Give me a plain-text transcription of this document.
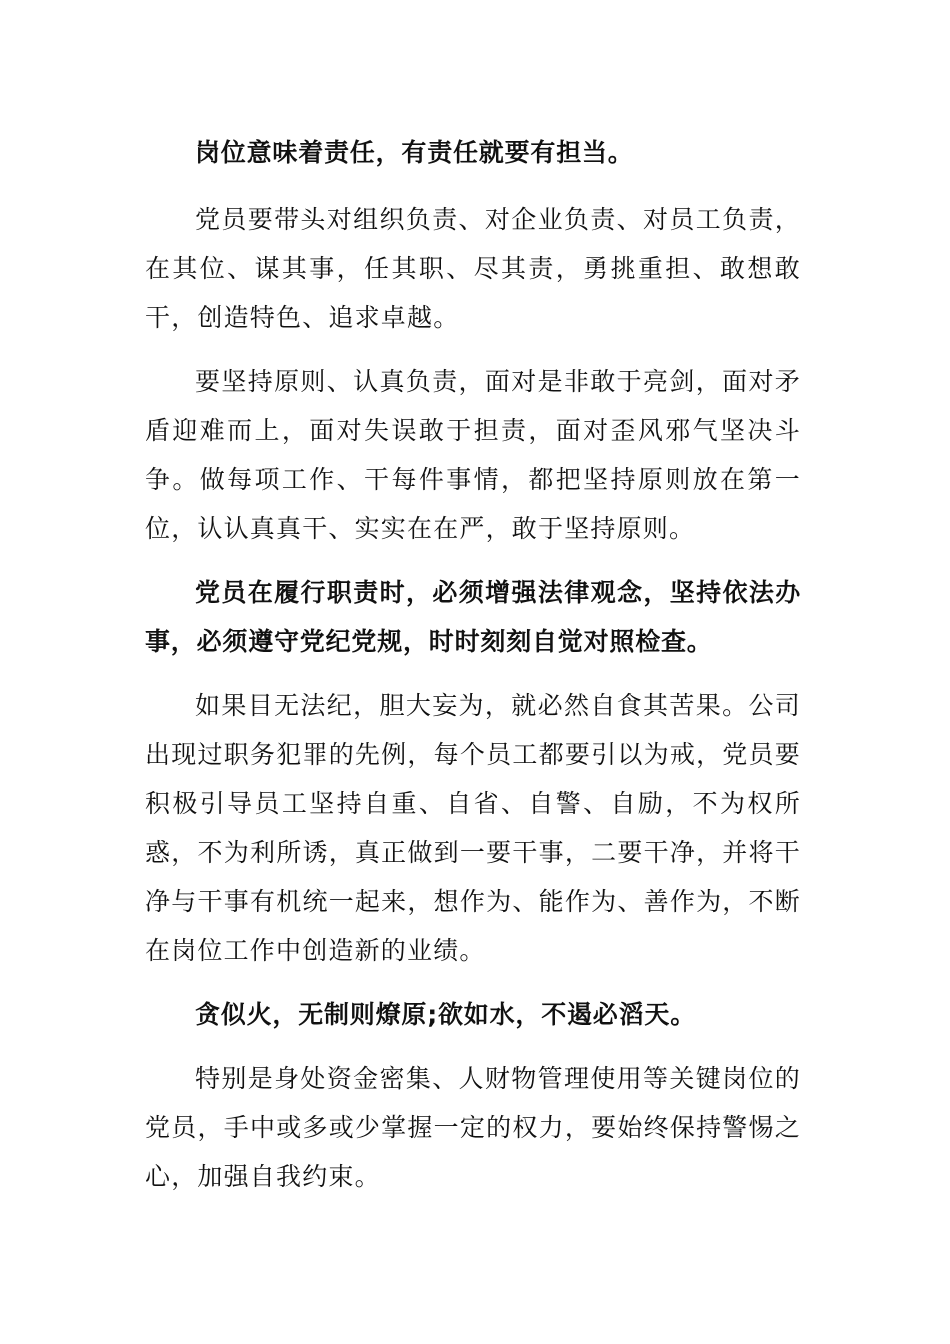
岗位意味着责任，有责任就要有担当。

党员要带头对组织负责、对企业负责、对员工负责，在其位、谋其事，任其职、尽其责，勇挑重担、敢想敢干，创造特色、追求卓越。

要坚持原则、认真负责，面对是非敢于亮剑，面对矛盾迎难而上，面对失误敢于担责，面对歪风邪气坚决斗争。做每项工作、干每件事情，都把坚持原则放在第一位，认认真真干、实实在在严，敢于坚持原则。

党员在履行职责时，必须增强法律观念，坚持依法办事，必须遵守党纪党规，时时刻刻自觉对照检查。

如果目无法纪，胆大妄为，就必然自食其苦果。公司出现过职务犯罪的先例，每个员工都要引以为戒，党员要积极引导员工坚持自重、自省、自警、自励，不为权所惑，不为利所诱，真正做到一要干事，二要干净，并将干净与干事有机统一起来，想作为、能作为、善作为，不断在岗位工作中创造新的业绩。

贪似火，无制则燎原;欲如水，不遏必滔天。

特别是身处资金密集、人财物管理使用等关键岗位的党员，手中或多或少掌握一定的权力，要始终保持警惕之心，加强自我约束。
